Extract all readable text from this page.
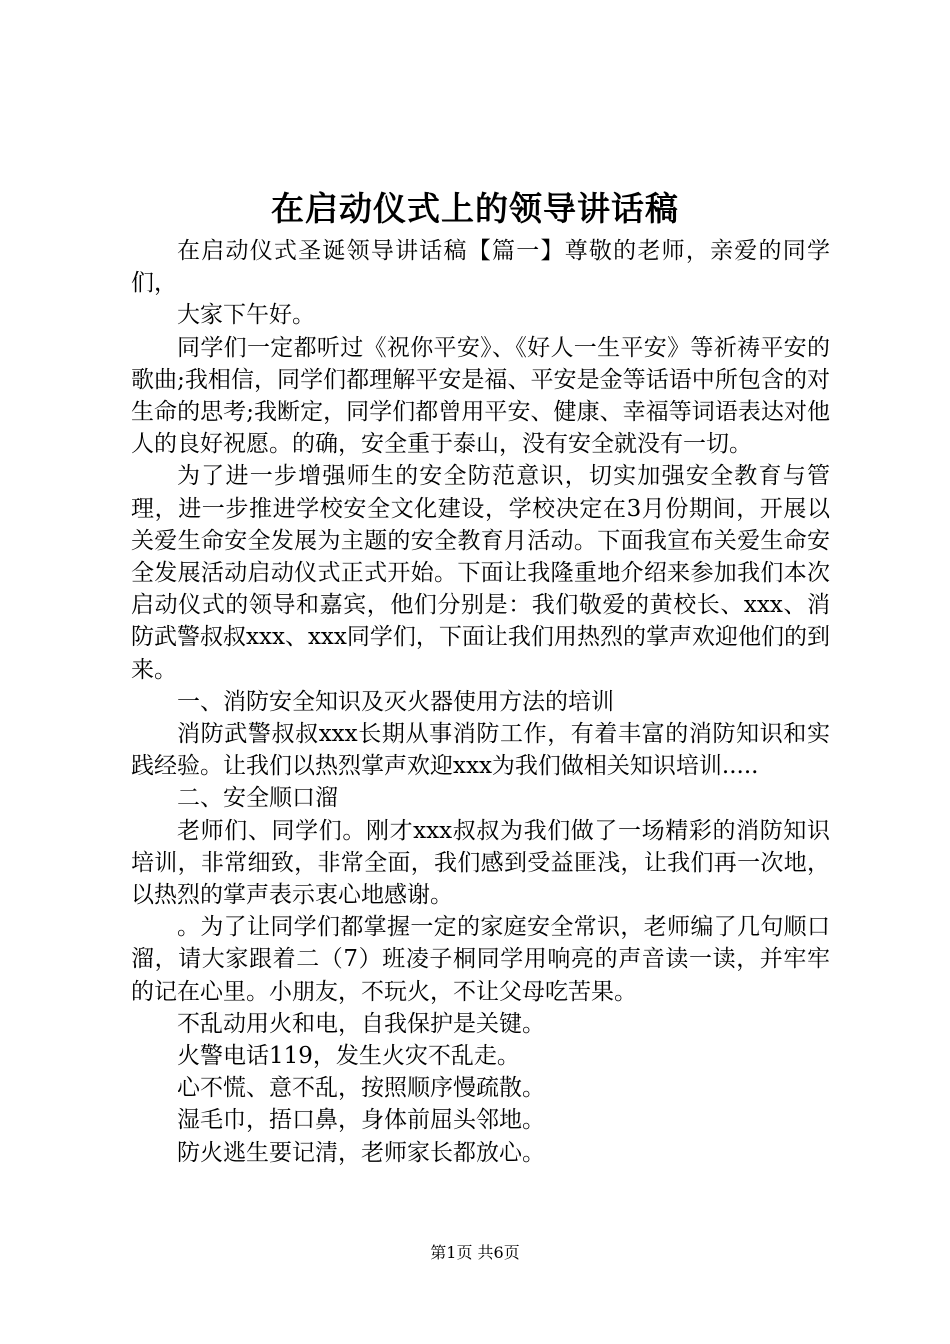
在启动仪式上的领导讲话稿

在启动仪式圣诞领导讲话稿【篇一】尊敬的老师，亲爱的同学们，

大家下午好。

同学们一定都听过《祝你平安》、《好人一生平安》等祈祷平安的歌曲;我相信，同学们都理解平安是福、平安是金等话语中所包含的对生命的思考;我断定，同学们都曾用平安、健康、幸福等词语表达对他人的良好祝愿。的确，安全重于泰山，没有安全就没有一切。

为了进一步增强师生的安全防范意识，切实加强安全教育与管理，进一步推进学校安全文化建设，学校决定在3月份期间，开展以关爱生命安全发展为主题的安全教育月活动。下面我宣布关爱生命安全发展活动启动仪式正式开始。下面让我隆重地介绍来参加我们本次启动仪式的领导和嘉宾，他们分别是：我们敬爱的黄校长、xxx、消防武警叔叔xxx、xxx同学们，下面让我们用热烈的掌声欢迎他们的到来。

一、消防安全知识及灭火器使用方法的培训

消防武警叔叔xxx长期从事消防工作，有着丰富的消防知识和实践经验。让我们以热烈掌声欢迎xxx为我们做相关知识培训.....

二、安全顺口溜

老师们、同学们。刚才xxx叔叔为我们做了一场精彩的消防知识培训，非常细致，非常全面，我们感到受益匪浅，让我们再一次地，以热烈的掌声表示衷心地感谢。

。为了让同学们都掌握一定的家庭安全常识，老师编了几句顺口溜，请大家跟着二（7）班凌子桐同学用响亮的声音读一读，并牢牢的记在心里。小朋友，不玩火，不让父母吃苦果。

不乱动用火和电，自我保护是关键。

火警电话119，发生火灾不乱走。

心不慌、意不乱，按照顺序慢疏散。

湿毛巾，捂口鼻，身体前屈头邻地。

防火逃生要记清，老师家长都放心。

第1页 共6页
